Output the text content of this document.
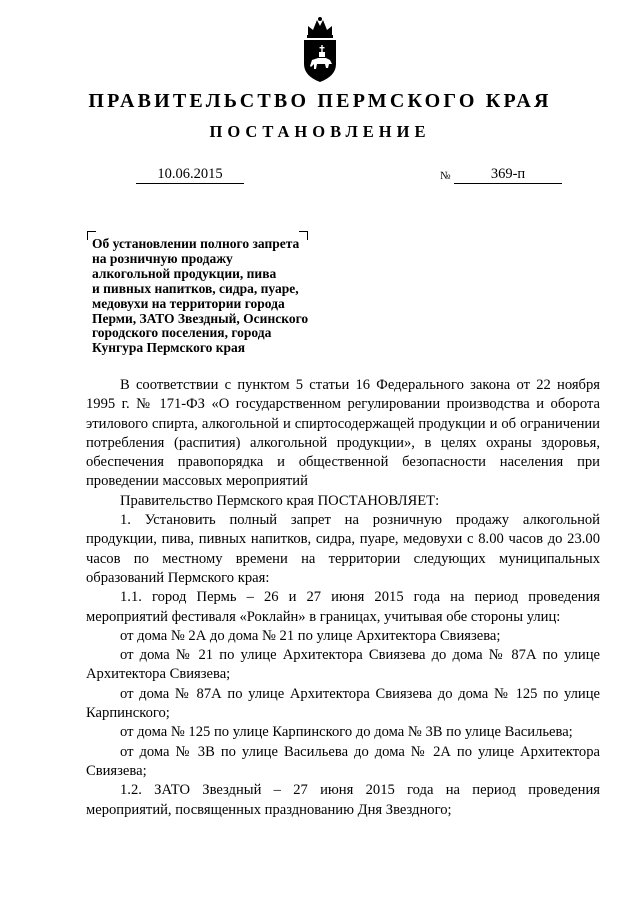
ПРАВИТЕЛЬСТВО ПЕРМСКОГО КРАЯ
ПОСТАНОВЛЕНИЕ
10.06.2015	№	369-п
Об установлении полного запрета
на розничную продажу
алкогольной продукции, пива
и пивных напитков, сидра, пуаре,
медовухи на территории города
Перми, ЗАТО Звездный, Осинского
городского поселения, города
Кунгура Пермского края

В соответствии с пунктом 5 статьи 16 Федерального закона от 22 ноября 1995 г. № 171-ФЗ «О государственном регулировании производства и оборота этилового спирта, алкогольной и спиртосодержащей продукции и об ограничении потребления (распития) алкогольной продукции», в целях охраны здоровья, обеспечения правопорядка и общественной безопасности населения при проведении массовых мероприятий

Правительство Пермского края ПОСТАНОВЛЯЕТ:

1. Установить полный запрет на розничную продажу алкогольной продукции, пива, пивных напитков, сидра, пуаре, медовухи с 8.00 часов до 23.00 часов по местному времени на территории следующих муниципальных образований Пермского края:

1.1. город Пермь – 26 и 27 июня 2015 года на период проведения мероприятий фестиваля «Роклайн» в границах, учитывая обе стороны улиц:

от дома № 2А до дома № 21 по улице Архитектора Свиязева;

от дома № 21 по улице Архитектора Свиязева до дома № 87А по улице Архитектора Свиязева;

от дома № 87А по улице Архитектора Свиязева до дома № 125 по улице Карпинского;

от дома № 125 по улице Карпинского до дома № 3В по улице Васильева;

от дома № 3В по улице Васильева до дома № 2А по улице Архитектора Свиязева;

1.2. ЗАТО Звездный – 27 июня 2015 года на период проведения мероприятий, посвященных празднованию Дня Звездного;
